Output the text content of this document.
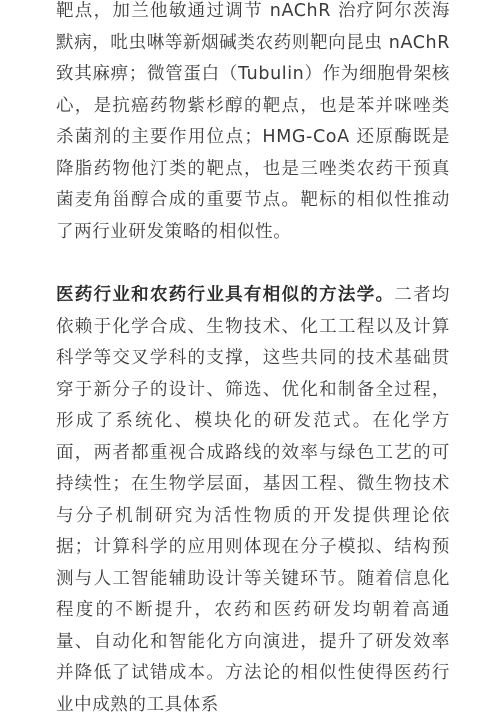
靶点，加兰他敏通过调节 nAChR 治疗阿尔茨海默病，吡虫啉等新烟碱类农药则靶向昆虫 nAChR 致其麻痹；微管蛋白（Tubulin）作为细胞骨架核心，是抗癌药物紫杉醇的靶点，也是苯并咪唑类杀菌剂的主要作用位点；HMG-CoA 还原酶既是降脂药物他汀类的靶点，也是三唑类农药干预真菌麦角甾醇合成的重要节点。靶标的相似性推动了两行业研发策略的相似性。

医药行业和农药行业具有相似的方法学。二者均依赖于化学合成、生物技术、化工工程以及计算科学等交叉学科的支撑，这些共同的技术基础贯穿于新分子的设计、筛选、优化和制备全过程，形成了系统化、模块化的研发范式。在化学方面，两者都重视合成路线的效率与绿色工艺的可持续性；在生物学层面，基因工程、微生物技术与分子机制研究为活性物质的开发提供理论依据；计算科学的应用则体现在分子模拟、结构预测与人工智能辅助设计等关键环节。随着信息化程度的不断提升，农药和医药研发均朝着高通量、自动化和智能化方向演进，提升了研发效率并降低了试错成本。方法论的相似性使得医药行业中成熟的工具体系
